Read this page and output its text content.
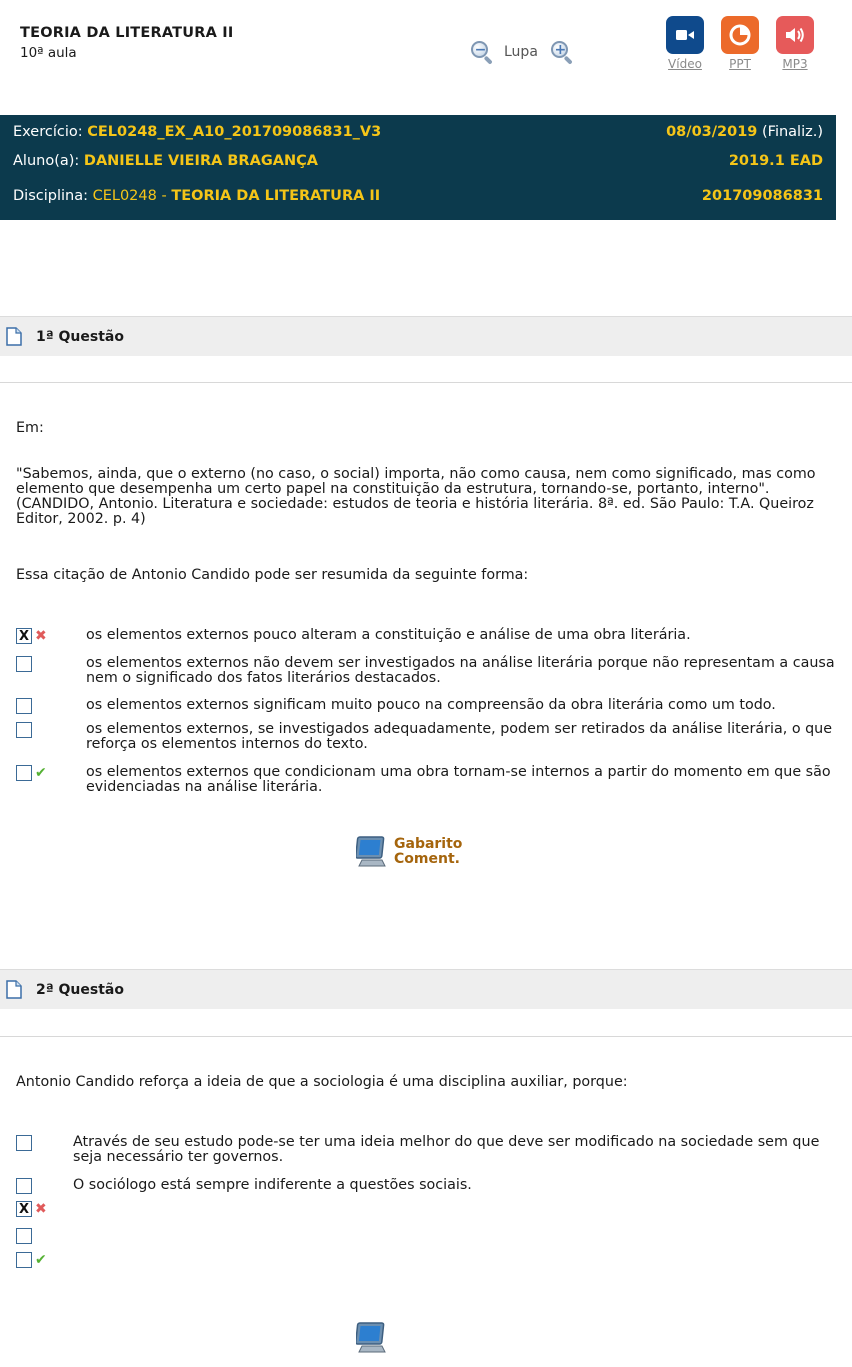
TEORIA DA LITERATURA II
10ª aula	− Lupa +
Vídeo PPT	MP3
Exercício: CEL0248_EX_A10_201709086831_V3	08/03/2019 (Finaliz.)
Aluno(a): DANIELLE VIEIRA BRAGANÇA	2019.1 EAD
Disciplina: CEL0248 - TEORIA DA LITERATURA II	201709086831
1ª Questão
Em:
"Sabemos, ainda, que o externo (no caso, o social) importa, não como causa, nem como significado, mas como elemento que desempenha um certo papel na constituição da estrutura, tornando-se, portanto, interno". (CANDIDO, Antonio. Literatura e sociedade: estudos de teoria e história literária. 8ª. ed. São Paulo: T.A. Queiroz Editor, 2002. p. 4)
Essa citação de Antonio Candido pode ser resumida da seguinte forma:
X ✖	os elementos externos pouco alteram a constituição e análise de uma obra literária.
os elementos externos não devem ser investigados na análise literária porque não representam a causa nem o significado dos fatos literários destacados.
os elementos externos significam muito pouco na compreensão da obra literária como um todo.
os elementos externos, se investigados adequadamente, podem ser retirados da análise literária, o que reforça os elementos internos do texto.
✔	os elementos externos que condicionam uma obra tornam-se internos a partir do momento em que são evidenciadas na análise literária.
Gabarito
Coment.
2ª Questão
Antonio Candido reforça a ideia de que a sociologia é uma disciplina auxiliar, porque:
Através de seu estudo pode-se ter uma ideia melhor do que deve ser modificado na sociedade sem que seja necessário ter governos.
O sociólogo está sempre indiferente a questões sociais.
X ✖
✔
